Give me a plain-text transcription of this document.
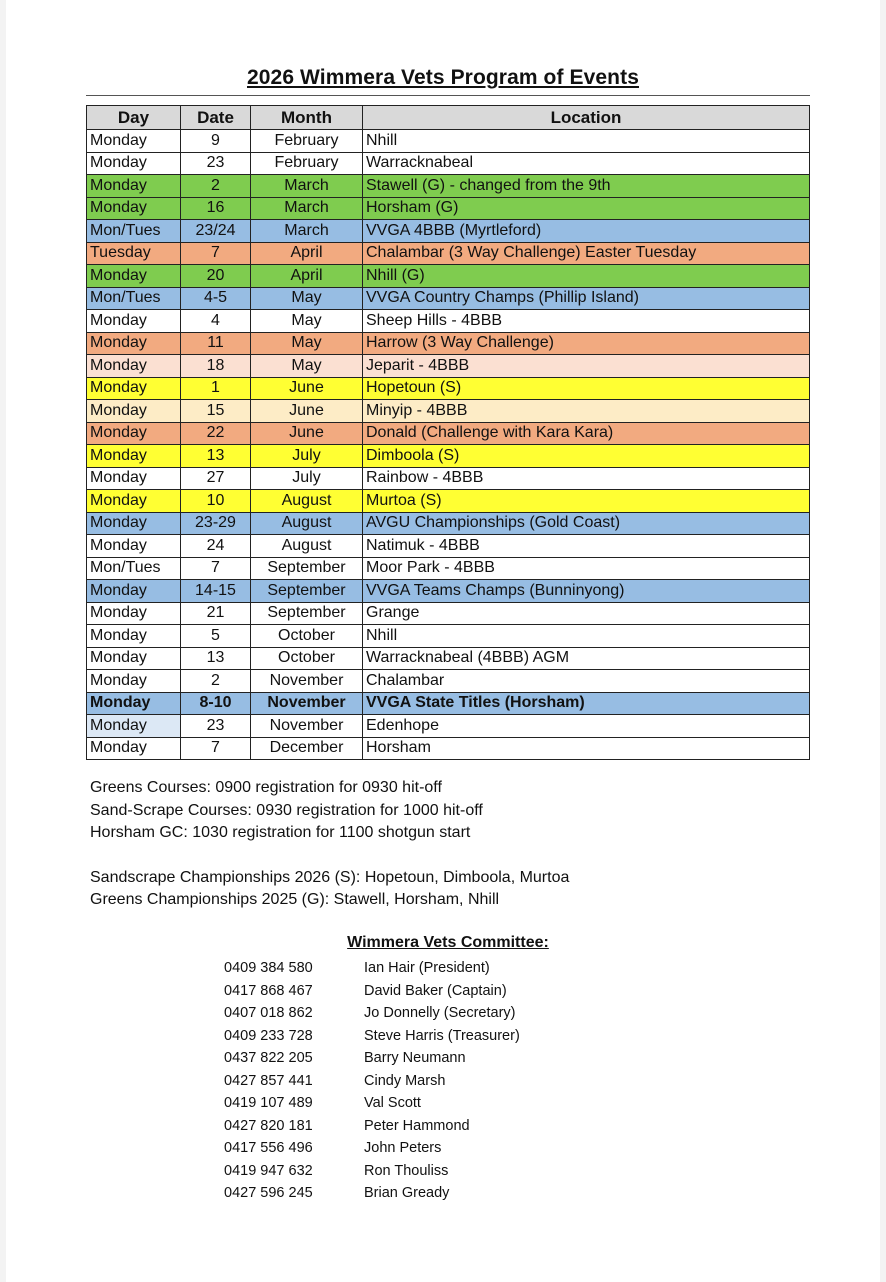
2026 Wimmera Vets Program of Events
Day	Date	Month	Location
Monday	9	February	Nhill
Monday	23	February	Warracknabeal
Monday	2	March	Stawell (G) - changed from the 9th
Monday	16	March	Horsham (G)
Mon/Tues	23/24	March	VVGA 4BBB (Myrtleford)
Tuesday	7	April	Chalambar (3 Way Challenge) Easter Tuesday
Monday	20	April	Nhill (G)
Mon/Tues	4-5	May	VVGA Country Champs (Phillip Island)
Monday	4	May	Sheep Hills - 4BBB
Monday	11	May	Harrow (3 Way Challenge)
Monday	18	May	Jeparit - 4BBB
Monday	1	June	Hopetoun (S)
Monday	15	June	Minyip - 4BBB
Monday	22	June	Donald (Challenge with Kara Kara)
Monday	13	July	Dimboola (S)
Monday	27	July	Rainbow - 4BBB
Monday	10	August	Murtoa (S)
Monday	23-29	August	AVGU Championships (Gold Coast)
Monday	24	August	Natimuk - 4BBB
Mon/Tues	7	September	Moor Park - 4BBB
Monday	14-15	September	VVGA Teams Champs (Bunninyong)
Monday	21	September	Grange
Monday	5	October	Nhill
Monday	13	October	Warracknabeal (4BBB) AGM
Monday	2	November	Chalambar
Monday	8-10	November	VVGA State Titles (Horsham)
Monday	23	November	Edenhope
Monday	7	December	Horsham
Greens Courses: 0900 registration for 0930 hit-off
Sand-Scrape Courses: 0930 registration for 1000 hit-off
Horsham GC: 1030 registration for 1100 shotgun start
Sandscrape Championships 2026 (S): Hopetoun, Dimboola, Murtoa
Greens Championships 2025 (G): Stawell, Horsham, Nhill
Wimmera Vets Committee:
0409 384 580	Ian Hair (President)
0417 868 467	David Baker (Captain)
0407 018 862	Jo Donnelly (Secretary)
0409 233 728	Steve Harris (Treasurer)
0437 822 205	Barry Neumann
0427 857 441	Cindy Marsh
0419 107 489	Val Scott
0427 820 181	Peter Hammond
0417 556 496	John Peters
0419 947 632	Ron Thouliss
0427 596 245	Brian Gready
